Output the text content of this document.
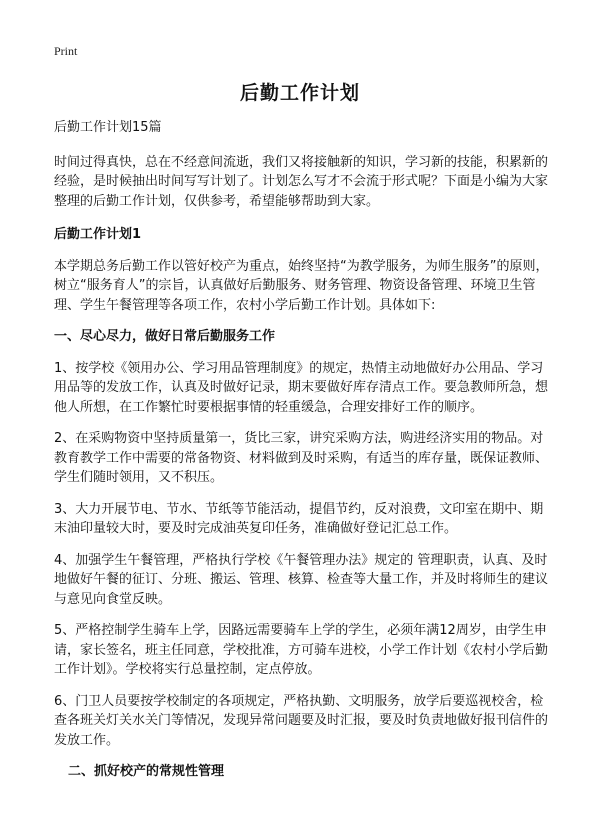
Print
后勤工作计划

后勤工作计划15篇

时间过得真快，总在不经意间流逝，我们又将接触新的知识，学习新的技能，积累新的经验，是时候抽出时间写写计划了。计划怎么写才不会流于形式呢？下面是小编为大家整理的后勤工作计划，仅供参考，希望能够帮助到大家。

后勤工作计划1

本学期总务后勤工作以管好校产为重点，始终坚持“为教学服务，为师生服务”的原则，树立“服务育人”的宗旨，认真做好后勤服务、财务管理、物资设备管理、环境卫生管理、学生午餐管理等各项工作，农村小学后勤工作计划。具体如下:

一、尽心尽力，做好日常后勤服务工作

1、按学校《领用办公、学习用品管理制度》的规定，热情主动地做好办公用品、学习用品等的发放工作，认真及时做好记录，期末要做好库存清点工作。要急教师所急，想他人所想，在工作繁忙时要根据事情的轻重缓急，合理安排好工作的顺序。

2、在采购物资中坚持质量第一，货比三家，讲究采购方法，购进经济实用的物品。对教育教学工作中需要的常备物资、材料做到及时采购，有适当的库存量，既保证教师、学生们随时领用，又不积压。

3、大力开展节电、节水、节纸等节能活动，提倡节约，反对浪费，文印室在期中、期末油印量较大时，要及时完成油英复印任务，准确做好登记汇总工作。

4、加强学生午餐管理，严格执行学校《午餐管理办法》规定的 管理职责，认真、及时地做好午餐的征订、分班、搬运、管理、核算、检查等大量工作，并及时将师生的建议与意见向食堂反映。

5、严格控制学生骑车上学，因路远需要骑车上学的学生，必须年满12周岁，由学生申请，家长签名，班主任同意，学校批准，方可骑车进校，小学工作计划《农村小学后勤工作计划》。学校将实行总量控制，定点停放。

6、门卫人员要按学校制定的各项规定，严格执勤、文明服务，放学后要巡视校舍，检查各班关灯关水关门等情况，发现异常问题要及时汇报，要及时负责地做好报刊信件的发放工作。

二、抓好校产的常规性管理
